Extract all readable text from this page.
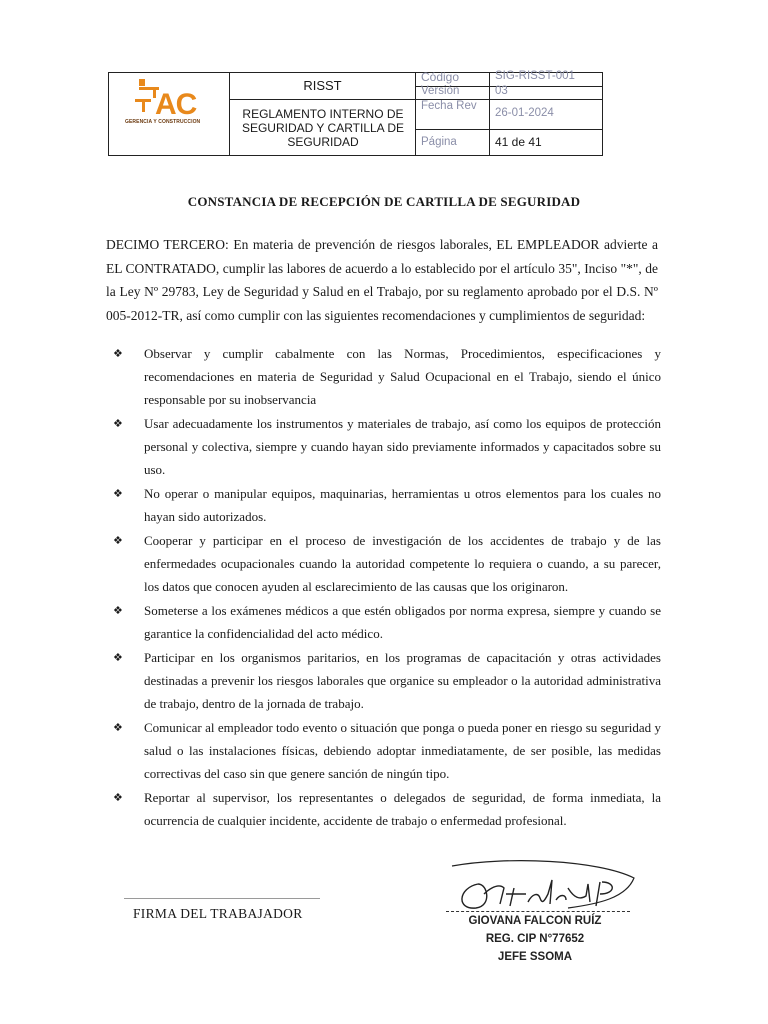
AC
GERENCIA Y CONSTRUCCION
RISST
REGLAMENTO INTERNO DE SEGURIDAD Y CARTILLA DE SEGURIDAD
Código
Versión
Fecha Rev
Página
SIG-RISST-001
03
26-01-2024
41 de 41
CONSTANCIA DE RECEPCIÓN DE CARTILLA DE SEGURIDAD
DECIMO TERCERO: En materia de prevención de riesgos laborales, EL EMPLEADOR advierte a EL CONTRATADO, cumplir las labores de acuerdo a lo establecido por el artículo 35", Inciso "*", de la Ley Nº 29783, Ley de Seguridad y Salud en el Trabajo, por su reglamento aprobado por el D.S. Nº 005-2012-TR, así como cumplir con las siguientes recomendaciones y cumplimientos de seguridad:
❖ Observar y cumplir cabalmente con las Normas, Procedimientos, especificaciones y recomendaciones en materia de Seguridad y Salud Ocupacional en el Trabajo, siendo el único responsable por su inobservancia
❖ Usar adecuadamente los instrumentos y materiales de trabajo, así como los equipos de protección personal y colectiva, siempre y cuando hayan sido previamente informados y capacitados sobre su uso.
❖ No operar o manipular equipos, maquinarias, herramientas u otros elementos para los cuales no hayan sido autorizados.
❖ Cooperar y participar en el proceso de investigación de los accidentes de trabajo y de las enfermedades ocupacionales cuando la autoridad competente lo requiera o cuando, a su parecer, los datos que conocen ayuden al esclarecimiento de las causas que los originaron.
❖ Someterse a los exámenes médicos a que estén obligados por norma expresa, siempre y cuando se garantice la confidencialidad del acto médico.
❖ Participar en los organismos paritarios, en los programas de capacitación y otras actividades destinadas a prevenir los riesgos laborales que organice su empleador o la autoridad administrativa de trabajo, dentro de la jornada de trabajo.
❖ Comunicar al empleador todo evento o situación que ponga o pueda poner en riesgo su seguridad y salud o las instalaciones físicas, debiendo adoptar inmediatamente, de ser posible, las medidas correctivas del caso sin que genere sanción de ningún tipo.
❖ Reportar al supervisor, los representantes o delegados de seguridad, de forma inmediata, la ocurrencia de cualquier incidente, accidente de trabajo o enfermedad profesional.
FIRMA DEL TRABAJADOR	GIOVANA FALCON RUÍZ
REG. CIP N°77652
JEFE SSOMA
